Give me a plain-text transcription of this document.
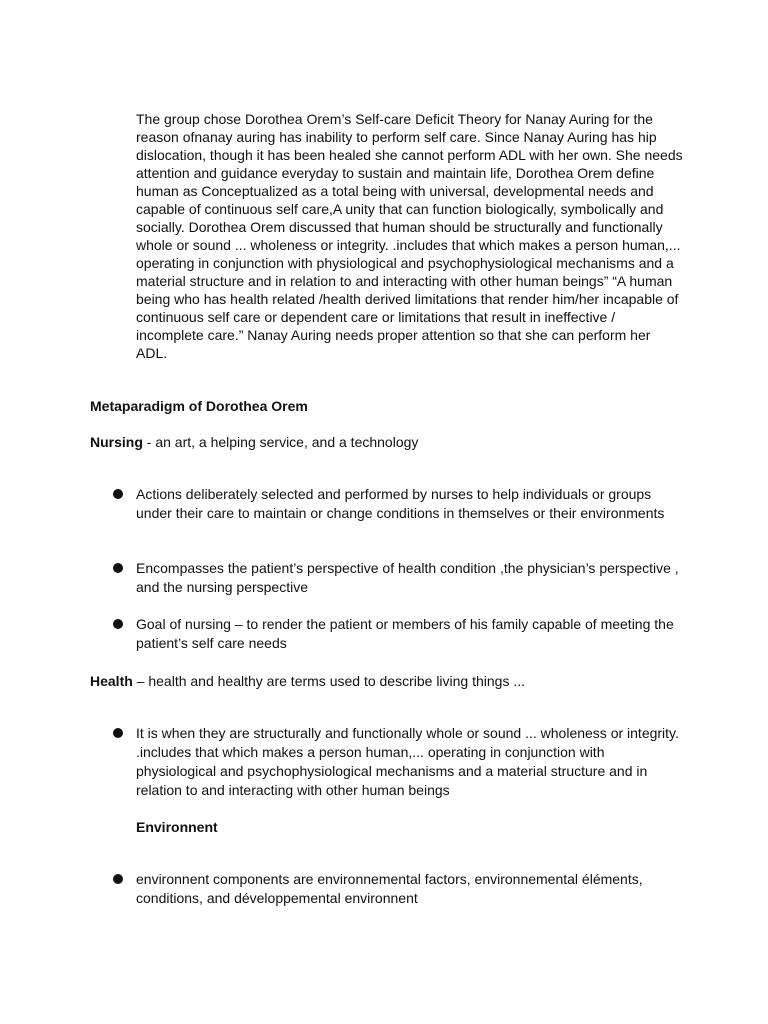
The group chose Dorothea Orem’s Self-care Deficit Theory for Nanay Auring for the reason ofnanay auring has inability to perform self care. Since Nanay Auring has hip dislocation, though it has been healed she cannot perform ADL with her own. She needs attention and guidance everyday to sustain and maintain life, Dorothea Orem define human as Conceptualized as a total being with universal, developmental needs and capable of continuous self care,A unity that can function biologically, symbolically and socially. Dorothea Orem discussed that human should be structurally and functionally whole or sound ... wholeness or integrity. .includes that which makes a person human,... operating in conjunction with physiological and psychophysiological mechanisms and a material structure and in relation to and interacting with other human beings” “A human being who has health related /health derived limitations that render him/her incapable of continuous self care or dependent care or limitations that result in ineffective / incomplete care.” Nanay Auring needs proper attention so that she can perform her ADL.
Metaparadigm of Dorothea Orem
Nursing - an art, a helping service, and a technology
Actions deliberately selected and performed by nurses to help individuals or groups under their care to maintain or change conditions in themselves or their environments
Encompasses the patient’s perspective of health condition ,the physician’s perspective , and the nursing perspective
Goal of nursing – to render the patient or members of his family capable of meeting the patient’s self care needs
Health – health and healthy are terms used to describe living things ...
It is when they are structurally and functionally whole or sound ... wholeness or integrity. .includes that which makes a person human,... operating in conjunction with physiological and psychophysiological mechanisms and a material structure and in relation to and interacting with other human beings
Environnent
environnent components are environnemental factors, environnemental éléments, conditions, and développemental environnent
